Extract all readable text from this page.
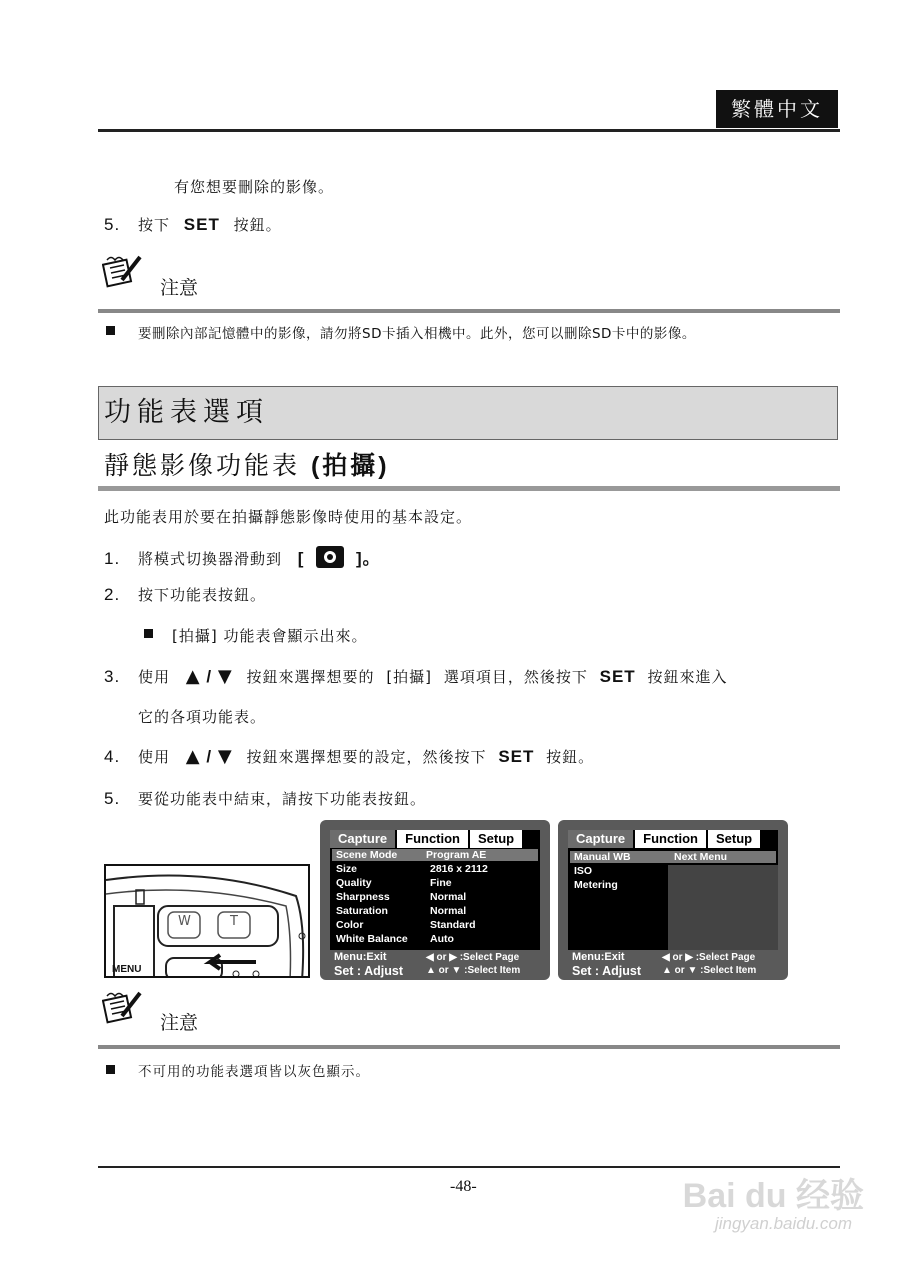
繁體中文
有您想要刪除的影像。
5. 按下 SET 按鈕。
注意
要刪除內部記憶體中的影像，請勿將SD卡插入相機中。此外，您可以刪除SD卡中的影像。
功能表選項
靜態影像功能表 (拍攝)
此功能表用於要在拍攝靜態影像時使用的基本設定。
1. 將模式切換器滑動到 [	]。
2. 按下功能表按鈕。
[拍攝] 功能表會顯示出來。
3. 使用 ▲ / ▼ 按鈕來選擇想要的 [拍攝] 選項項目，然後按下 SET 按鈕來進入
它的各項功能表。
4. 使用 ▲ / ▼ 按鈕來選擇想要的設定，然後按下 SET 按鈕。
5. 要從功能表中結束，請按下功能表按鈕。
W	T
MENU
Capture	Function	Setup
Scene Mode	Program AE
Size	2816 x 2112
Quality	Fine
Sharpness	Normal
Saturation	Normal
Color	Standard
White Balance Auto
Menu:Exit
Set : Adjust
◀ or ▶ :Select Page
▲ or ▼ :Select Item
Capture	Function	Setup
Manual WB	Next Menu
ISO
Metering
Menu:Exit
Set : Adjust
◀ or ▶ :Select Page
▲ or ▼ :Select Item
注意
不可用的功能表選項皆以灰色顯示。
-48-	Bai du 经验
jingyan.baidu.com
